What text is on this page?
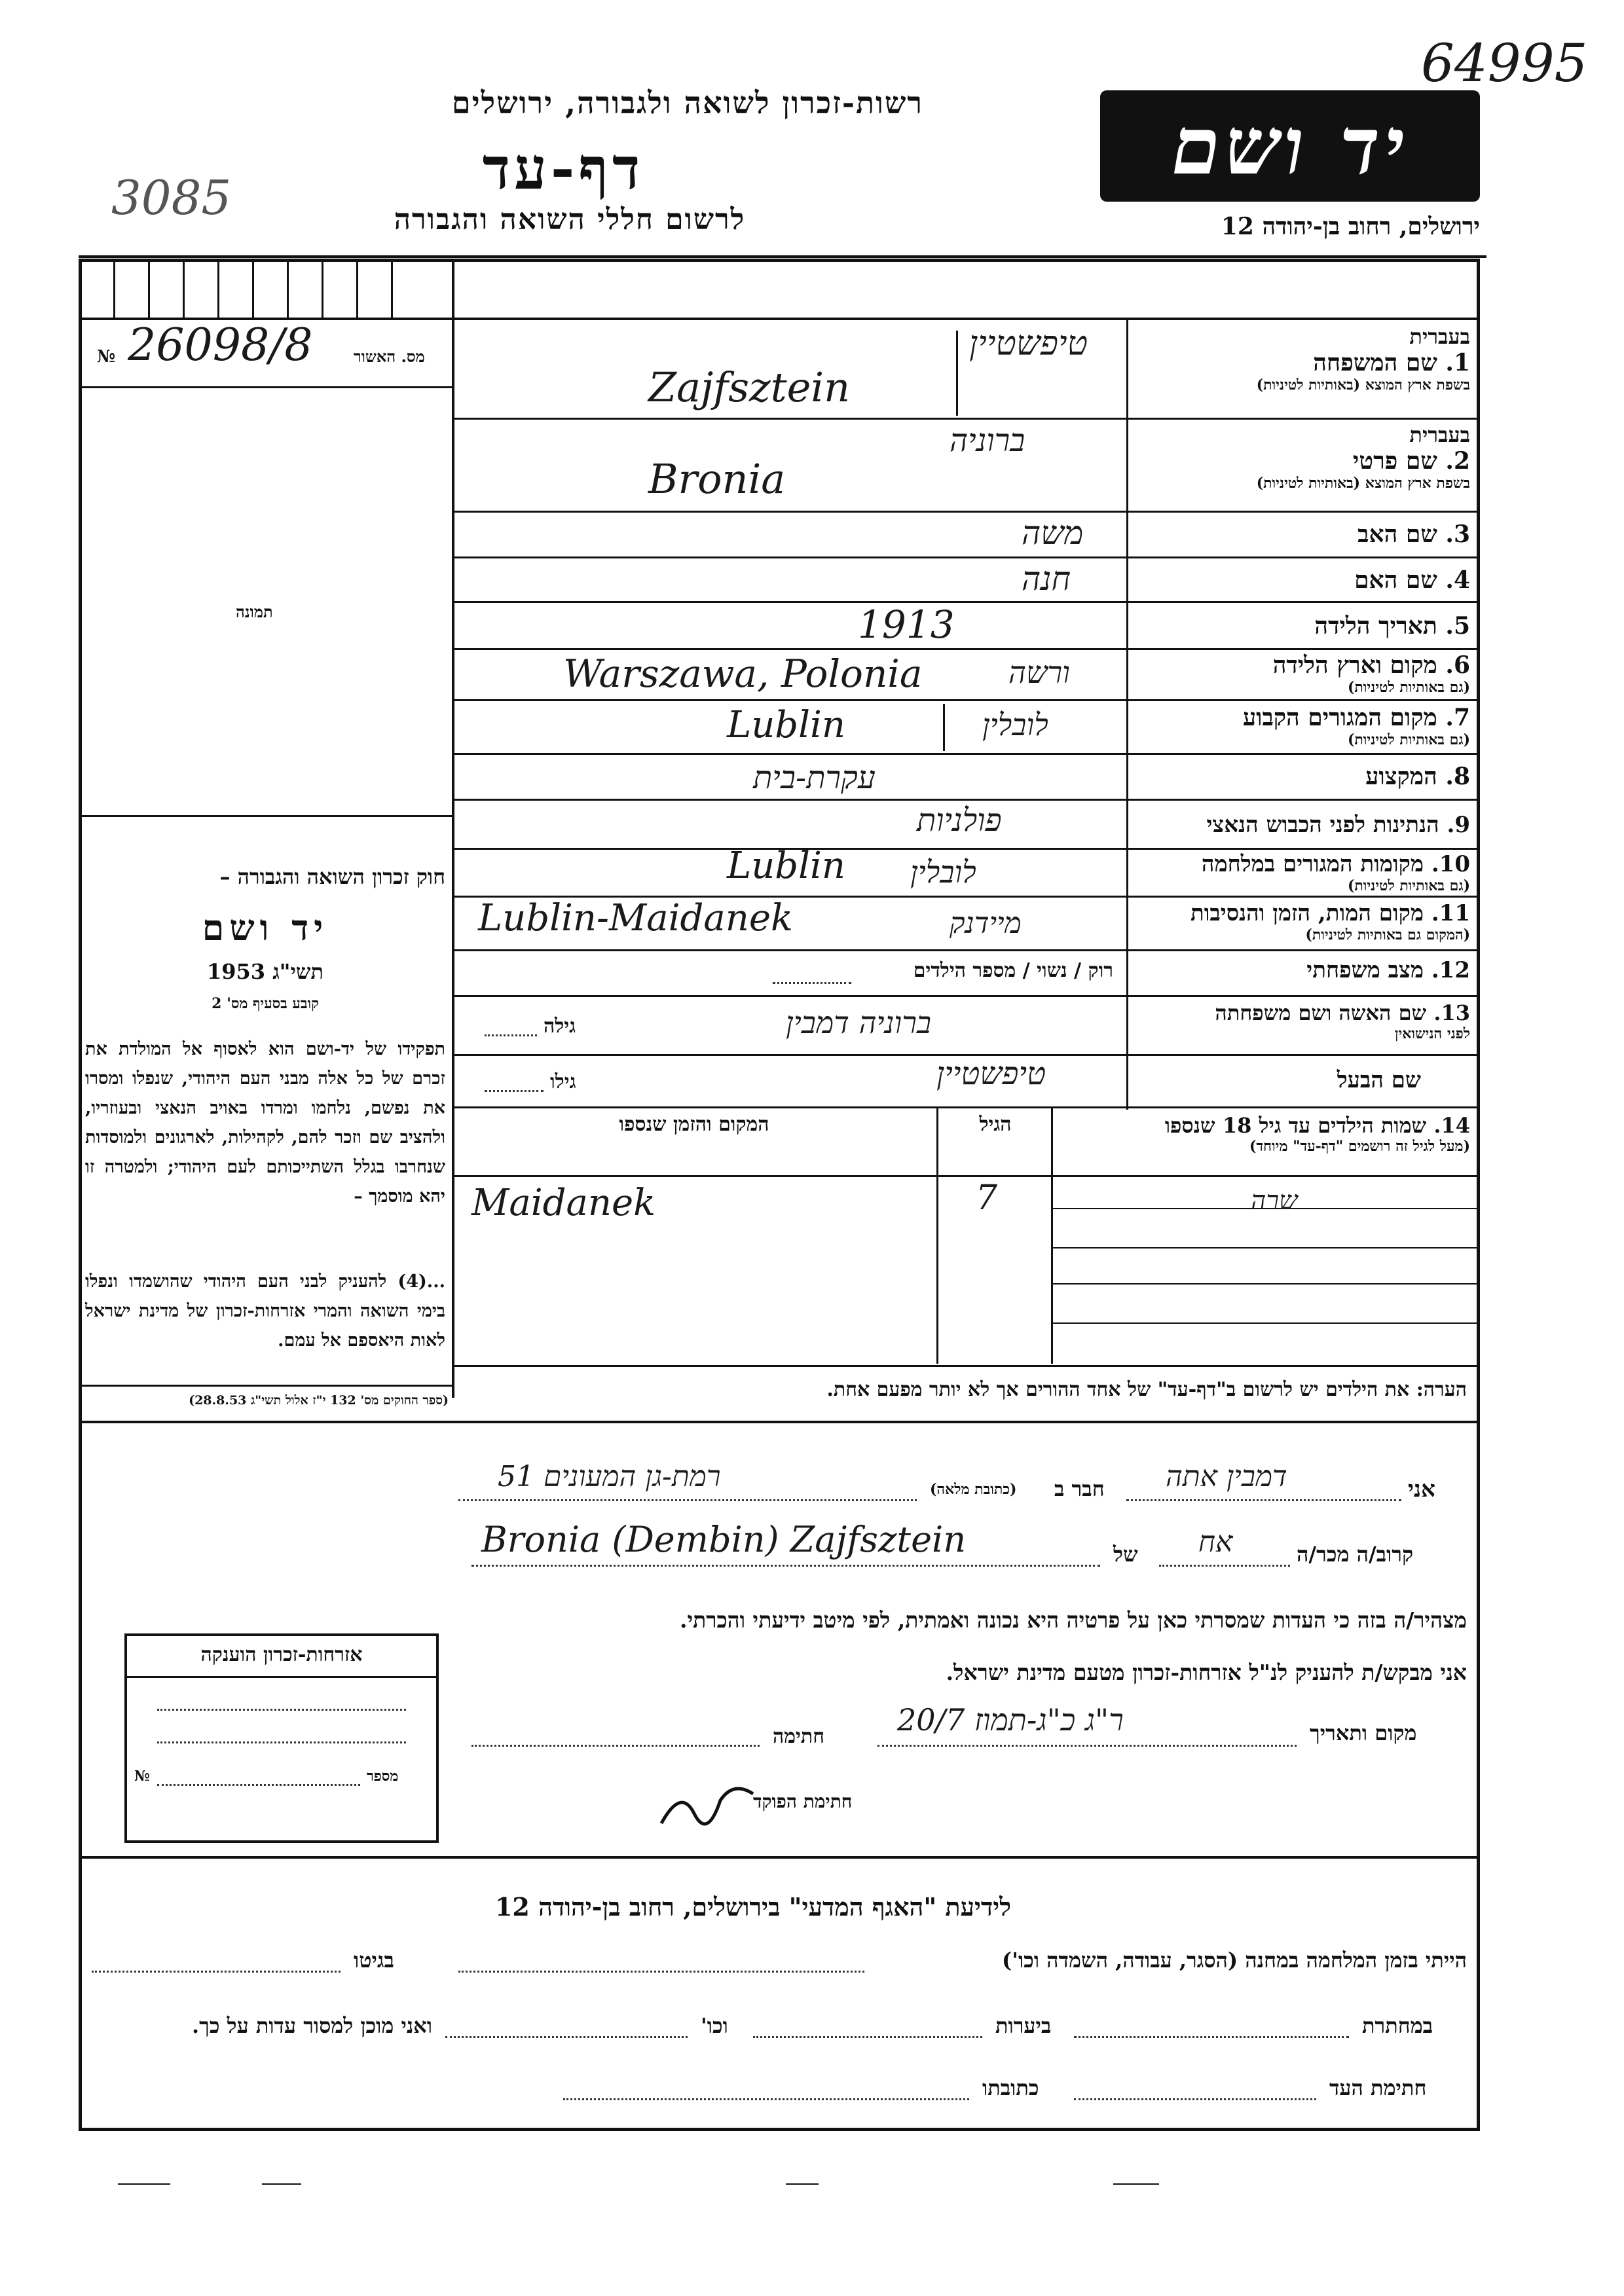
רשות-זכרון לשואה ולגבורה, ירושלים
דף-עד
לרשום חללי השואה והגבורה
יד ושם
ירושלים, רחוב בן-יהודה 12
64995
3085
26098/8	מס. האשור
№
תמונה
בעברית
1. שם המשפחה
בשפת ארץ המוצא (באותיות לטיניות)
טיפשטיין
Zajfsztein
בעברית
2. שם פרטי
בשפת ארץ המוצא (באותיות לטיניות)
ברוניה
Bronia
3. שם האב
משה
4. שם האם
חנה
5. תאריך הלידה
1913
6. מקום וארץ הלידה
(גם באותיות לטיניות)
ורשה
Warszawa, Polonia
7. מקום המגורים הקבוע
(גם באותיות לטיניות)
לובלין
Lublin
8. המקצוע
עקרת-בית
9. הנתינות לפני הכבוש הנאצי
פולניות
10. מקומות המגורים במלחמה
(גם באותיות לטיניות)
לובלין
Lublin
11. מקום המות, הזמן והנסיבות
(המקום גם באותיות לטיניות)
מיידנק
Lublin-Maidanek
12. מצב משפחתי
רוק / נשוי / מספר הילדים
13. שם האשה ושם משפחתה
לפני הנישואין
ברוניה דמבין
גילה
שם הבעל
טיפשטיין
גילו
14. שמות הילדים עד גיל 18 שנספו
(מעל לגיל זה רושמים "דף-עד" מיוחד)
הגיל
המקום והזמן שנספו
שרה
7
Maidanek
הערה: את הילדים יש לרשום ב"דף-עד" של אחד ההורים אך לא יותר מפעם אחת.
חוק זכרון השואה והגבורה –
יד ושם
תשי"ג 1953
קובע בסעיף מס' 2
תפקידו של יד-ושם הוא לאסוף אל המולדת את זכרם של כל אלה מבני העם היהודי, שנפלו ומסרו את נפשם, נלחמו ומרדו באויב הנאצי ובעוזריו, ולהציב שם וזכר להם, לקהילות, לארגונים ולמוסדות שנחרבו בגלל השתייכותם לעם היהודי; ולמטרה זו יהא מוסמך –
...(4) להעניק לבני העם היהודי שהושמדו ונפלו בימי השואה והמרי אזרחות-זכרון של מדינת ישראל לאות היאספם אל עמם.
(ספר החוקים מס' 132 י"ז אלול תשי"ג 28.8.53)
אני
דמבין אתה
חבר ב
(כתובת מלאה)
רמת-גן המעונים 51
קרוב/ה מכר/ה
אח
של
Bronia (Dembin) Zajfsztein
מצהיר/ה בזה כי העדות שמסרתי כאן על פרטיה היא נכונה ואמתית, לפי מיטב ידיעתי והכרתי.
אני מבקש/ת להעניק לנ"ל אזרחות-זכרון מטעם מדינת ישראל.
מקום ותאריך
ר"ג כ"ג-תמוז 20/7
חתימה
חתימת הפוקד
אזרחות-זכרון הוענקה
מספר
№
לידיעת "האגף המדעי" בירושלים, רחוב בן-יהודה 12
הייתי בזמן המלחמה במחנה (הסגר, עבודה, השמדה וכו')
בגיטו
במחתרת
ביערות
וכו'
ואני מוכן למסור עדות על כך.
חתימת העד
כתובתו
